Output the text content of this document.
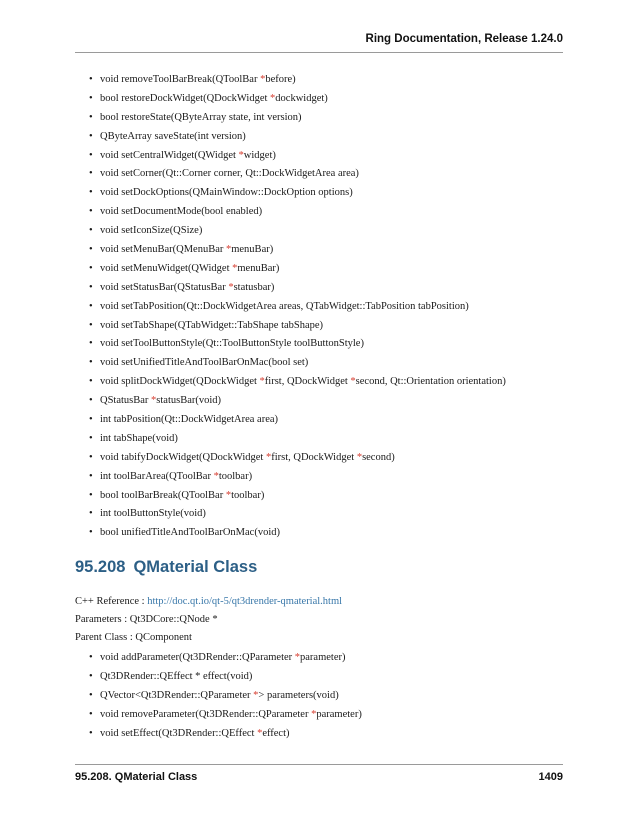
Ring Documentation, Release 1.24.0
• void removeToolBarBreak(QToolBar *before)
• bool restoreDockWidget(QDockWidget *dockwidget)
• bool restoreState(QByteArray state, int version)
• QByteArray saveState(int version)
• void setCentralWidget(QWidget *widget)
• void setCorner(Qt::Corner corner, Qt::DockWidgetArea area)
• void setDockOptions(QMainWindow::DockOption options)
• void setDocumentMode(bool enabled)
• void setIconSize(QSize)
• void setMenuBar(QMenuBar *menuBar)
• void setMenuWidget(QWidget *menuBar)
• void setStatusBar(QStatusBar *statusbar)
• void setTabPosition(Qt::DockWidgetArea areas, QTabWidget::TabPosition tabPosition)
• void setTabShape(QTabWidget::TabShape tabShape)
• void setToolButtonStyle(Qt::ToolButtonStyle toolButtonStyle)
• void setUnifiedTitleAndToolBarOnMac(bool set)
• void splitDockWidget(QDockWidget *first, QDockWidget *second, Qt::Orientation orientation)
• QStatusBar *statusBar(void)
• int tabPosition(Qt::DockWidgetArea area)
• int tabShape(void)
• void tabifyDockWidget(QDockWidget *first, QDockWidget *second)
• int toolBarArea(QToolBar *toolbar)
• bool toolBarBreak(QToolBar *toolbar)
• int toolButtonStyle(void)
• bool unifiedTitleAndToolBarOnMac(void)
95.208 QMaterial Class
C++ Reference : http://doc.qt.io/qt-5/qt3drender-qmaterial.html
Parameters : Qt3DCore::QNode *
Parent Class : QComponent
• void addParameter(Qt3DRender::QParameter *parameter)
• Qt3DRender::QEffect * effect(void)
• QVector<Qt3DRender::QParameter *> parameters(void)
• void removeParameter(Qt3DRender::QParameter *parameter)
• void setEffect(Qt3DRender::QEffect *effect)
95.208. QMaterial Class	1409
